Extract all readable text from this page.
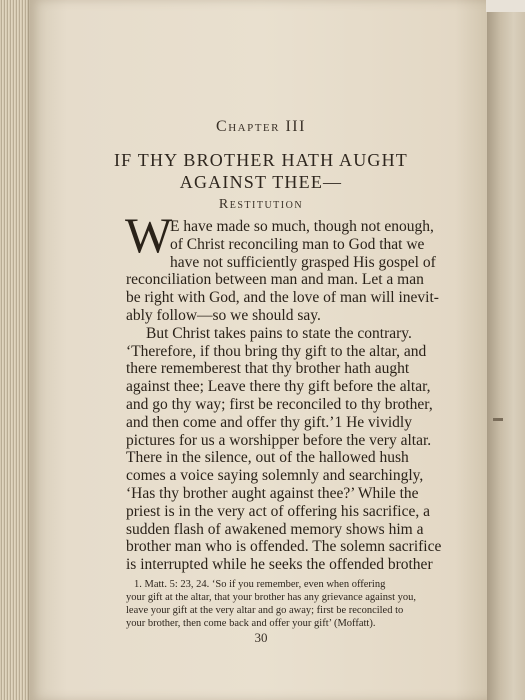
Chapter III
IF THY BROTHER HATH AUGHT
AGAINST THEE—
Restitution
W
E have made so much, though not enough,
of Christ reconciling man to God that we
have not sufficiently grasped His gospel of
reconciliation between man and man. Let a man
be right with God, and the love of man will inevit-
ably follow—so we should say.
But Christ takes pains to state the contrary.
‘Therefore, if thou bring thy gift to the altar, and
there rememberest that thy brother hath aught
against thee; Leave there thy gift before the altar,
and go thy way; first be reconciled to thy brother,
and then come and offer thy gift.’1 He vividly
pictures for us a worshipper before the very altar.
There in the silence, out of the hallowed hush
comes a voice saying solemnly and searchingly,
‘Has thy brother aught against thee?’ While the
priest is in the very act of offering his sacrifice, a
sudden flash of awakened memory shows him a
brother man who is offended. The solemn sacrifice
is interrupted while he seeks the offended brother
1. Matt. 5: 23, 24. ‘So if you remember, even when offering
your gift at the altar, that your brother has any grievance against you,
leave your gift at the very altar and go away; first be reconciled to
your brother, then come back and offer your gift’ (Moffatt).
30
